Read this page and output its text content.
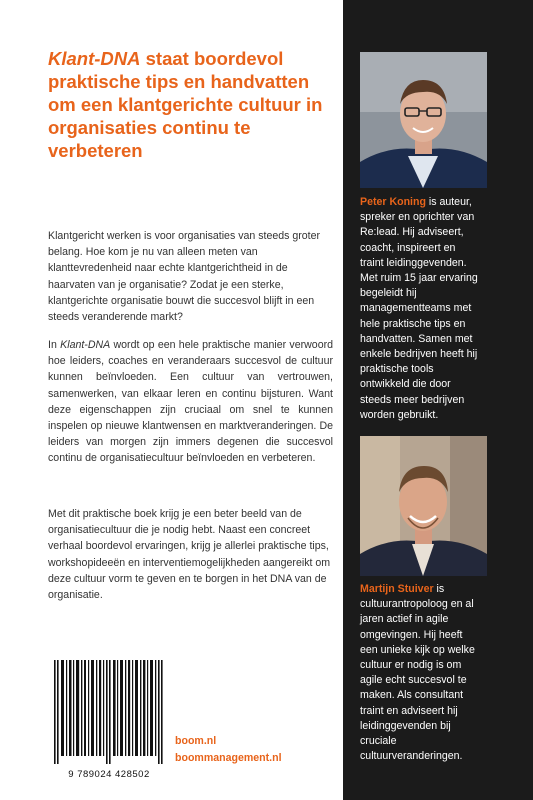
Klant-DNA staat boordevol praktische tips en handvatten om een klantgerichte cultuur in organisaties continu te verbeteren

Klantgericht werken is voor organisaties van steeds groter belang. Hoe kom je nu van alleen meten van klanttevredenheid naar echte klantgerichtheid in de haarvaten van je organisatie? Zodat je een sterke, klantgerichte organisatie bouwt die succesvol blijft in een steeds veranderende markt?

In Klant-DNA wordt op een hele praktische manier verwoord hoe leiders, coaches en veranderaars succesvol de cultuur kunnen beïnvloeden. Een cultuur van vertrouwen, samenwerken, van elkaar leren en continu bijsturen. Want deze eigenschappen zijn cruciaal om snel te kunnen inspelen op nieuwe klantwensen en marktveranderingen. De leiders van morgen zijn immers degenen die succesvol continu de organisatiecultuur beïnvloeden en verbeteren.

Met dit praktische boek krijg je een beter beeld van de organisatiecultuur die je nodig hebt. Naast een concreet verhaal boordevol ervaringen, krijg je allerlei praktische tips, workshopideeën en interventiemogelijkheden aangereikt om deze cultuur vorm te geven en te borgen in het DNA van de organisatie.

9 789024 428502

boom.nl

boommanagement.nl

Peter Koning is auteur, spreker en oprichter van Re:lead. Hij adviseert, coacht, inspireert en traint leidinggevenden. Met ruim 15 jaar ervaring begeleidt hij managementteams met hele praktische tips en handvatten. Samen met enkele bedrijven heeft hij praktische tools ontwikkeld die door steeds meer bedrijven worden gebruikt.

Martijn Stuiver is cultuurantropoloog en al jaren actief in agile omgevingen. Hij heeft een unieke kijk op welke cultuur er nodig is om agile echt succesvol te maken. Als consultant traint en adviseert hij leidinggevenden bij cruciale cultuurveranderingen.
